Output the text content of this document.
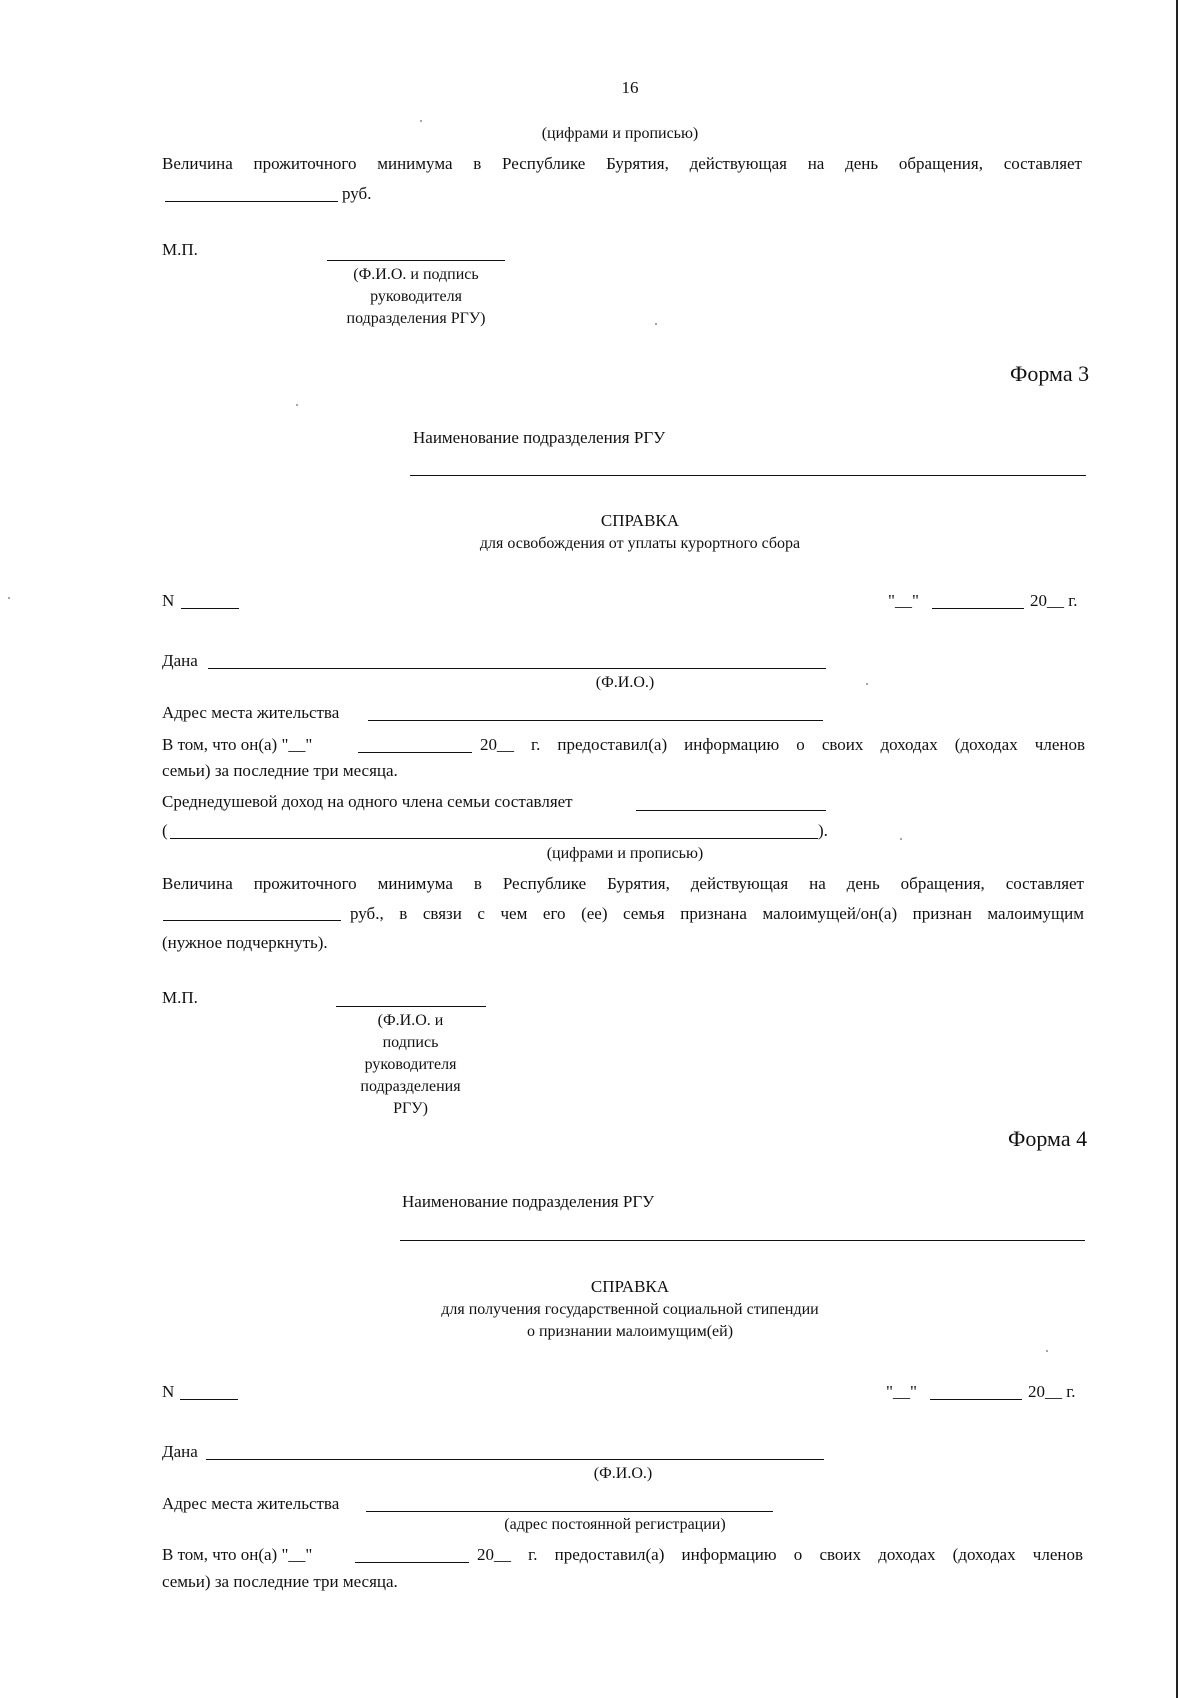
16
(цифрами и прописью)
Величина прожиточного минимума в Республике Бурятия, действующая на день обращения, составляет
руб.
М.П.
(Ф.И.О. и подпись
руководителя
подразделения РГУ)
Форма 3
Наименование подразделения РГУ
СПРАВКА
для освобождения от уплаты курортного сбора
N	"__"	20__ г.
Дана
(Ф.И.О.)
Адрес места жительства
В том, что он(а) "__"	20__ г. предоставил(а) информацию о своих доходах (доходах членов
семьи) за последние три месяца.
Среднедушевой доход на одного члена семьи составляет
(	).
(цифрами и прописью)
Величина прожиточного минимума в Республике Бурятия, действующая на день обращения, составляет
руб., в связи с чем его (ее) семья признана малоимущей/он(а) признан малоимущим
(нужное подчеркнуть).
М.П.
(Ф.И.О. и
подпись
руководителя
подразделения
РГУ)
Форма 4
Наименование подразделения РГУ
СПРАВКА
для получения государственной социальной стипендии
о признании малоимущим(ей)
N	"__"	20__ г.
Дана
(Ф.И.О.)
Адрес места жительства
(адрес постоянной регистрации)
В том, что он(а) "__"	20__ г. предоставил(а) информацию о своих доходах (доходах членов
семьи) за последние три месяца.
